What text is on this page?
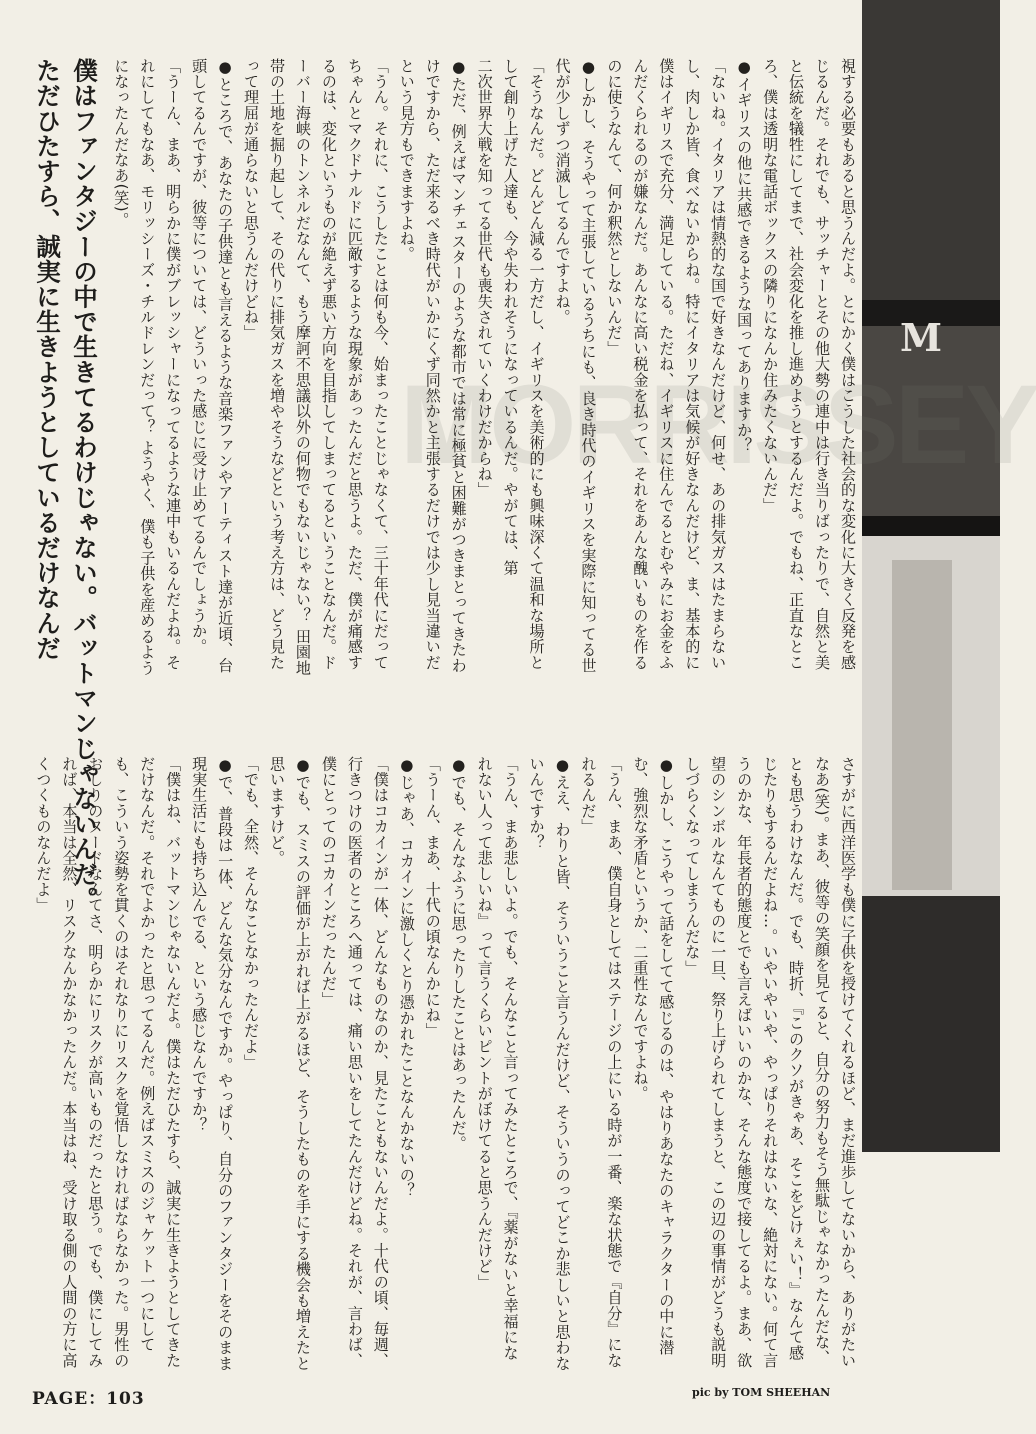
M
MORRISSEY
僕はファンタジーの中で生きてるわけじゃない。バットマンじゃないんだ。
ただひたすら、誠実に生きようとしているだけなんだ	視する必要もあると思うんだよ。とにかく僕はこうした社会的な変化に大きく反発を感じるんだ。それでも、サッチャーとその他大勢の連中は行き当りばったりで、自然と美と伝統を犠牲にしてまで、社会変化を推し進めようとするんだよ。でもね、正直なところ、僕は透明な電話ボックスの隣りになんか住みたくないんだ」

●イギリスの他に共感できるような国ってありますか？

「ないね。イタリアは情熱的な国で好きなんだけど、何せ、あの排気ガスはたまらないし、肉しか皆、食べないからね。特にイタリアは気候が好きなんだけど、ま、基本的に僕はイギリスで充分、満足している。ただね、イギリスに住んでるとむやみにお金をふんだくられるのが嫌なんだ。あんなに高い税金を払って、それをあんな醜いものを作るのに使うなんて、何か釈然としないんだ」

●しかし、そうやって主張しているうちにも、良き時代のイギリスを実際に知ってる世代が少しずつ消滅してるんですよね。

「そうなんだ。どんどん減る一方だし、イギリスを美術的にも興味深くて温和な場所として創り上げた人達も、今や失われそうになっているんだ。やがては、第

二次世界大戦を知ってる世代も喪失されていくわけだからね」

●ただ、例えばマンチェスターのような都市では常に極貧と困難がつきまとってきたわけですから、ただ来るべき時代がいかにくず同然かと主張するだけでは少し見当違いだという見方もできますよね。

「うん。それに、こうしたことは何も今、始まったことじゃなくて、三十年代にだってちゃんとマクドナルドに匹敵するような現象があったんだと思うよ。ただ、僕が痛感するのは、変化というものが絶えず悪い方向を目指してしまってるということなんだ。ドーバー海峡のトンネルだなんて、もう摩訶不思議以外の何物でもないじゃない？ 田園地帯の土地を掘り起して、その代りに排気ガスを増やそうなどという考え方は、どう見たって理屈が通らないと思うんだけどね」

●ところで、あなたの子供達とも言えるような音楽ファンやアーティスト達が近頃、台頭してるんですが、彼等については、どういった感じに受け止めてるんでしょうか。

「うーん、まあ、明らかに僕がブレッシャーになってるような連中もいるんだよね。それにしてもなあ、モリッシーズ・チルドレンだって？ ようやく、僕も子供を産めるようになったんだなあ(笑)。

さすがに西洋医学も僕に子供を授けてくれるほど、まだ進歩してないから、ありがたいなあ(笑)。まあ、彼等の笑顔を見てると、自分の努力もそう無駄じゃなかったんだな、とも思うわけなんだ。でも、時折、『このクソがきゃあ、そこをどけぇい！』なんて感じたりもするんだよね…。いやいやいや、やっぱりそれはないな、絶対にない。何て言うのかな、年長者的態度とでも言えばいいのかな、そんな態度で接してるよ。まあ、欲望のシンボルなんてものに一旦、祭り上げられてしまうと、この辺の事情がどうも説明しづらくなってしまうんだな」

●しかし、こうやって話をしてて感じるのは、やはりあなたのキャラクターの中に潜む、強烈な矛盾というか、二重性なんですよね。

「うん、まあ、僕自身としてはステージの上にいる時が一番、楽な状態で『自分』になれるんだ」

●ええ、わりと皆、そういうこと言うんだけど、そういうのってどこか悲しいと思わないんですか？

「うん、まあ悲しいよ。でも、そんなこと言ってみたところで、『薬がないと幸福になれない人って悲しいね』って言うくらいピントがぼけてると思うんだけど」

●でも、そんなふうに思ったりしたことはあったんだ。

「うーん、まあ、十代の頃なんかにね」

●じゃあ、コカインに激しくとり憑かれたことなんかないの？

「僕はコカインが一体、どんなものなのか、見たこともないんだよ。十代の頃、毎週、行きつけの医者のところへ通っては、痛い思いをしてたんだけどね。それが、言わば、僕にとってのコカインだったんだ」

●でも、スミスの評価が上がれば上がるほど、そうしたものを手にする機会も増えたと思いますけど。

「でも、全然、そんなことなかったんだよ」

●で、普段は一体、どんな気分なんですか。やっぱり、自分のファンタジーをそのまま現実生活にも持ち込んでる、という感じなんですか？

「僕はね、バットマンじゃないんだよ。僕はただひたすら、誠実に生きようとしてきただけなんだ。それでよかったと思ってるんだ。例えばスミスのジャケット一つにしても、こういう姿勢を貫くのはそれなりにリスクを覚悟しなければならなかった。男性のおしりのヌードなんてさ、明らかにリスクが高いものだったと思う。でも、僕にしてみれば、本当は全然、リスクなんかなかったんだ。本当はね、受け取る側の人間の方に高くつくものなんだよ」

PAGE：103	pic by TOM SHEEHAN
